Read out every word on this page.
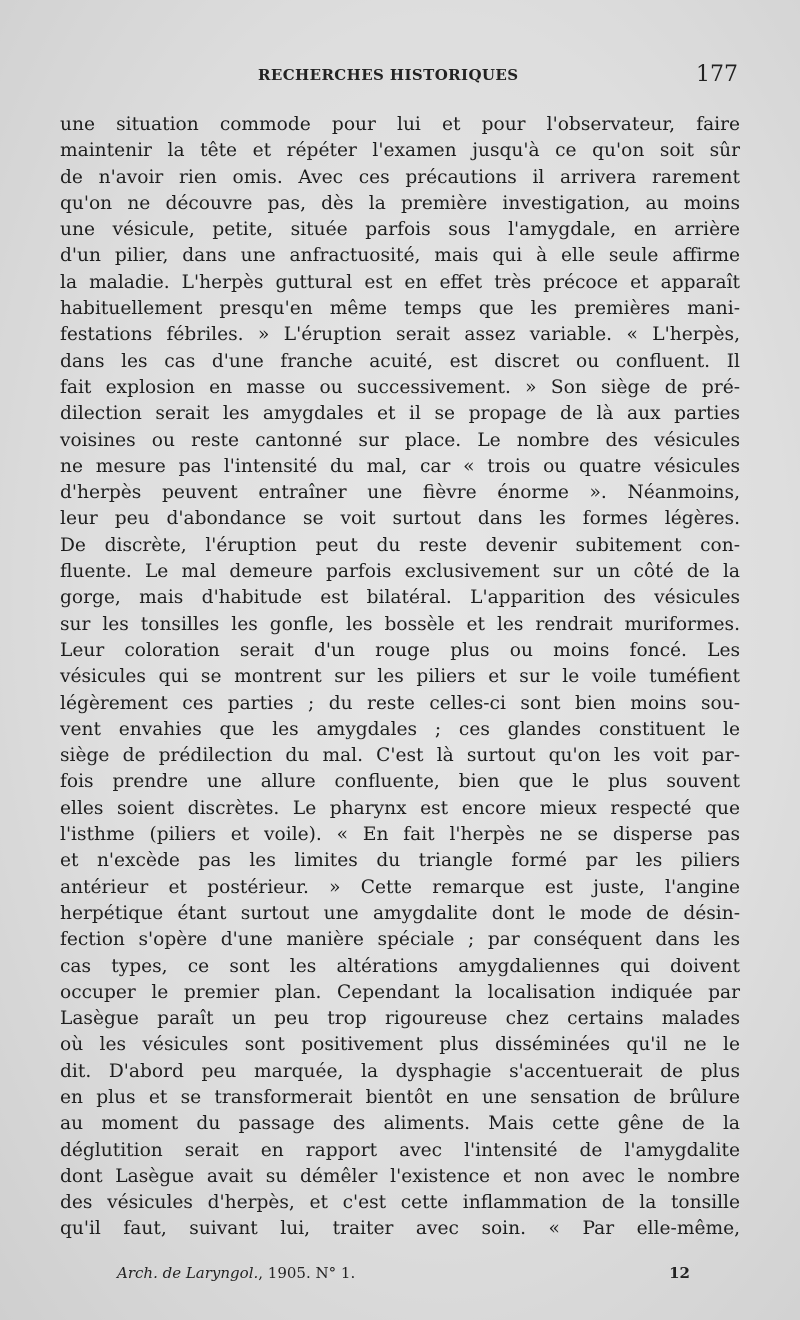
RECHERCHES HISTORIQUES	177
une situation commode pour lui et pour l'observateur, faire
maintenir la tête et répéter l'examen jusqu'à ce qu'on soit sûr
de n'avoir rien omis. Avec ces précautions il arrivera rarement
qu'on ne découvre pas, dès la première investigation, au moins
une vésicule, petite, située parfois sous l'amygdale, en arrière
d'un pilier, dans une anfractuosité, mais qui à elle seule affirme
la maladie. L'herpès guttural est en effet très précoce et apparaît
habituellement presqu'en même temps que les premières mani-
festations fébriles. » L'éruption serait assez variable. « L'herpès,
dans les cas d'une franche acuité, est discret ou confluent. Il
fait explosion en masse ou successivement. » Son siège de pré-
dilection serait les amygdales et il se propage de là aux parties
voisines ou reste cantonné sur place. Le nombre des vésicules
ne mesure pas l'intensité du mal, car « trois ou quatre vésicules
d'herpès peuvent entraîner une fièvre énorme ». Néanmoins,
leur peu d'abondance se voit surtout dans les formes légères.
De discrète, l'éruption peut du reste devenir subitement con-
fluente. Le mal demeure parfois exclusivement sur un côté de la
gorge, mais d'habitude est bilatéral. L'apparition des vésicules
sur les tonsilles les gonfle, les bossèle et les rendrait muriformes.
Leur coloration serait d'un rouge plus ou moins foncé. Les
vésicules qui se montrent sur les piliers et sur le voile tuméfient
légèrement ces parties ; du reste celles-ci sont bien moins sou-
vent envahies que les amygdales ; ces glandes constituent le
siège de prédilection du mal. C'est là surtout qu'on les voit par-
fois prendre une allure confluente, bien que le plus souvent
elles soient discrètes. Le pharynx est encore mieux respecté que
l'isthme (piliers et voile). « En fait l'herpès ne se disperse pas
et n'excède pas les limites du triangle formé par les piliers
antérieur et postérieur. » Cette remarque est juste, l'angine
herpétique étant surtout une amygdalite dont le mode de désin-
fection s'opère d'une manière spéciale ; par conséquent dans les
cas types, ce sont les altérations amygdaliennes qui doivent
occuper le premier plan. Cependant la localisation indiquée par
Lasègue paraît un peu trop rigoureuse chez certains malades
où les vésicules sont positivement plus disséminées qu'il ne le
dit. D'abord peu marquée, la dysphagie s'accentuerait de plus
en plus et se transformerait bientôt en une sensation de brûlure
au moment du passage des aliments. Mais cette gêne de la
déglutition serait en rapport avec l'intensité de l'amygdalite
dont Lasègue avait su démêler l'existence et non avec le nombre
des vésicules d'herpès, et c'est cette inflammation de la tonsille
qu'il faut, suivant lui, traiter avec soin. « Par elle-même,
Arch. de Laryngol., 1905. N° 1.	12
